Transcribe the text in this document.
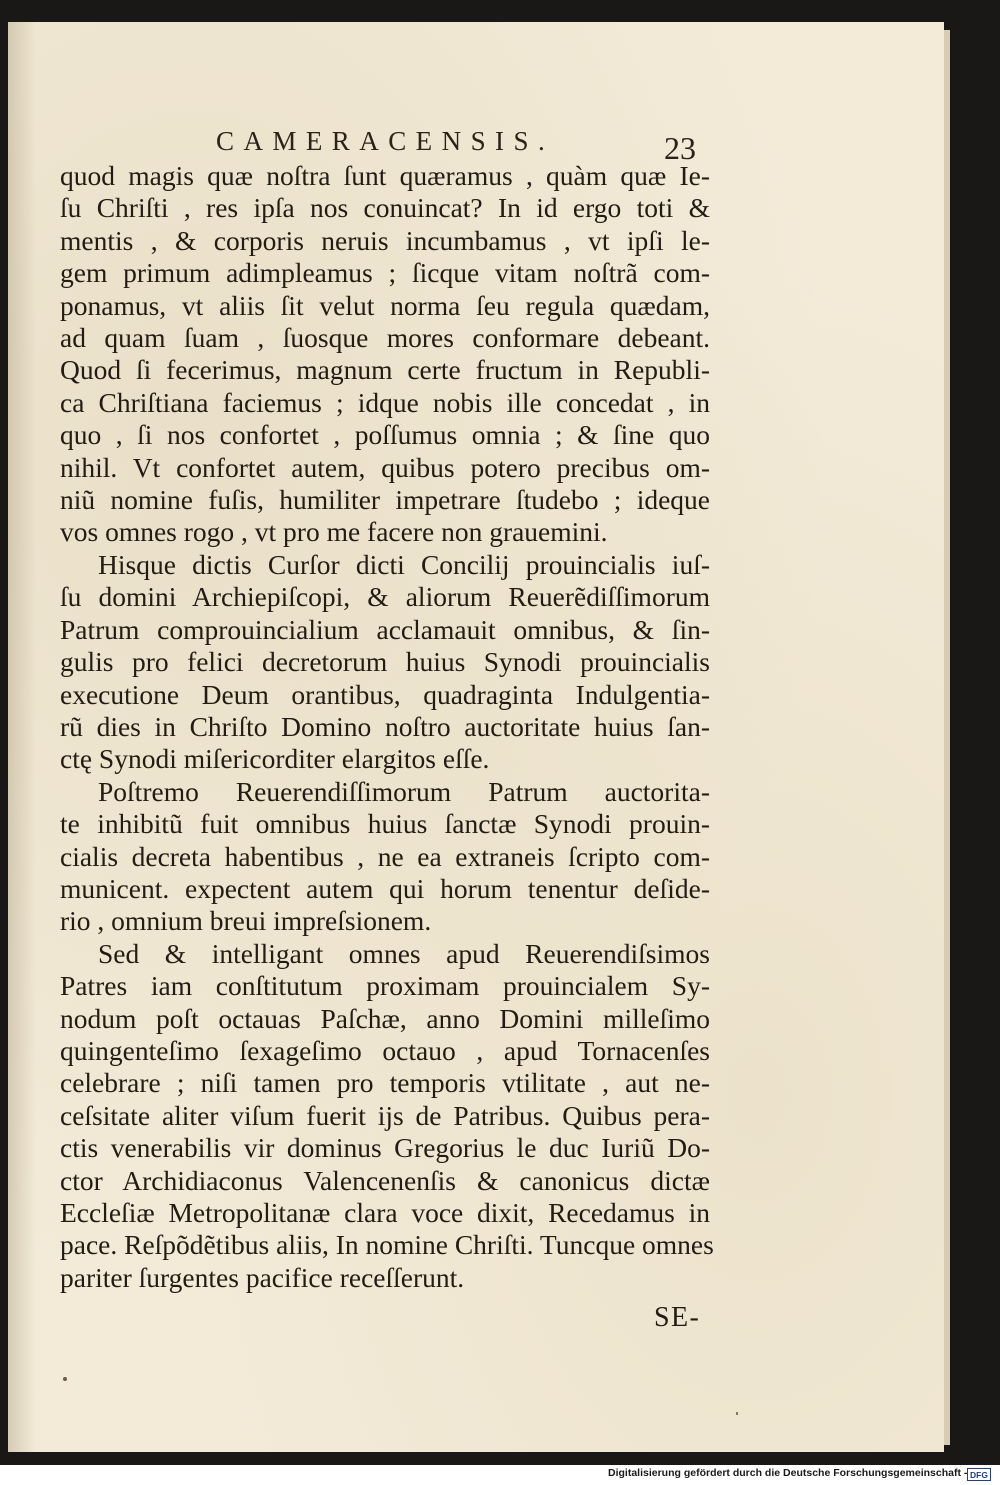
CAMERACENSIS.	23
quod magis quæ noſtra ſunt quæramus , quàm quæ Ie-
ſu Chriſti , res ipſa nos conuincat? In id ergo toti &
mentis , & corporis neruis incumbamus , vt ipſi le-
gem primum adimpleamus ; ſicque vitam noſtrã com-
ponamus, vt aliis ſit velut norma ſeu regula quædam,
ad quam ſuam , ſuosque mores conformare debeant.
Quod ſi fecerimus, magnum certe fructum in Republi-
ca Chriſtiana faciemus ; idque nobis ille concedat , in
quo , ſi nos confortet , poſſumus omnia ; & ſine quo
nihil. Vt confortet autem, quibus potero precibus om-
niũ nomine fuſis, humiliter impetrare ſtudebo ; ideque
vos omnes rogo , vt pro me facere non grauemini.
Hisque dictis Curſor dicti Concilij prouincialis iuſ-
ſu domini Archiepiſcopi, & aliorum Reuerẽdiſſimorum
Patrum comprouincialium acclamauit omnibus, & ſin-
gulis pro felici decretorum huius Synodi prouincialis
executione Deum orantibus, quadraginta Indulgentia-
rũ dies in Chriſto Domino noſtro auctoritate huius ſan-
ctę Synodi miſericorditer elargitos eſſe.
Poſtremo Reuerendiſſimorum Patrum auctorita-
te inhibitũ fuit omnibus huius ſanctæ Synodi prouin-
cialis decreta habentibus , ne ea extraneis ſcripto com-
municent. expectent autem qui horum tenentur deſide-
rio , omnium breui impreſsionem.
Sed & intelligant omnes apud Reuerendiſsimos
Patres iam conſtitutum proximam prouincialem Sy-
nodum poſt octauas Paſchæ, anno Domini milleſimo
quingenteſimo ſexageſimo octauo , apud Tornacenſes
celebrare ; niſi tamen pro temporis vtilitate , aut ne-
ceſsitate aliter viſum fuerit ijs de Patribus. Quibus pera-
ctis venerabilis vir dominus Gregorius le duc Iuriũ Do-
ctor Archidiaconus Valencenenſis & canonicus dictæ
Eccleſiæ Metropolitanæ clara voce dixit, Recedamus in
pace. Reſpõdẽtibus aliis, In nomine Chriſti. Tuncque omnes
pariter ſurgentes pacifice receſſerunt.
SE-
Digitalisierung gefördert durch die Deutsche Forschungsgemeinschaft - DFG
